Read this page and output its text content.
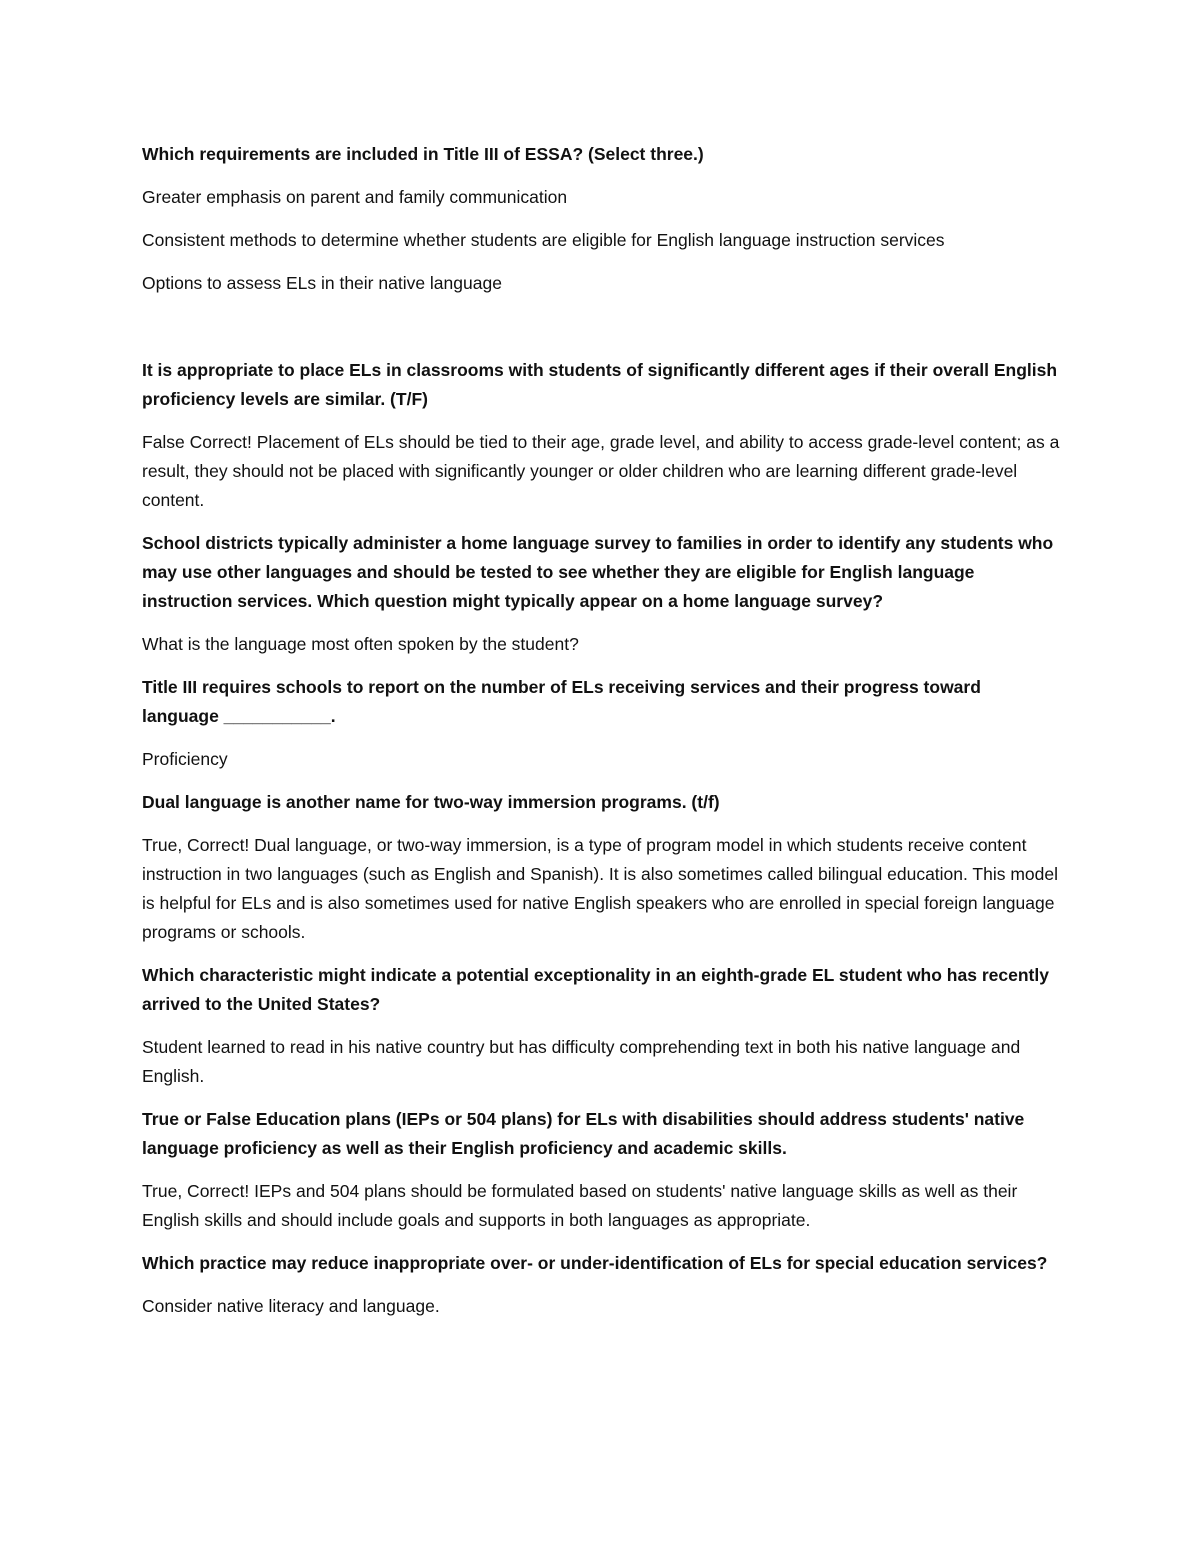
Which requirements are included in Title III of ESSA? (Select three.)

Greater emphasis on parent and family communication

Consistent methods to determine whether students are eligible for English language instruction services

Options to assess ELs in their native language

It is appropriate to place ELs in classrooms with students of significantly different ages if their overall English proficiency levels are similar. (T/F)

False Correct! Placement of ELs should be tied to their age, grade level, and ability to access grade-level content; as a result, they should not be placed with significantly younger or older children who are learning different grade-level content.

School districts typically administer a home language survey to families in order to identify any students who may use other languages and should be tested to see whether they are eligible for English language instruction services. Which question might typically appear on a home language survey?

What is the language most often spoken by the student?

Title III requires schools to report on the number of ELs receiving services and their progress toward language ___________.

Proficiency

Dual language is another name for two-way immersion programs. (t/f)

True, Correct! Dual language, or two-way immersion, is a type of program model in which students receive content instruction in two languages (such as English and Spanish). It is also sometimes called bilingual education. This model is helpful for ELs and is also sometimes used for native English speakers who are enrolled in special foreign language programs or schools.

Which characteristic might indicate a potential exceptionality in an eighth-grade EL student who has recently arrived to the United States?

Student learned to read in his native country but has difficulty comprehending text in both his native language and English.

True or False Education plans (IEPs or 504 plans) for ELs with disabilities should address students' native language proficiency as well as their English proficiency and academic skills.

True, Correct! IEPs and 504 plans should be formulated based on students' native language skills as well as their English skills and should include goals and supports in both languages as appropriate.

Which practice may reduce inappropriate over- or under-identification of ELs for special education services?

Consider native literacy and language.
